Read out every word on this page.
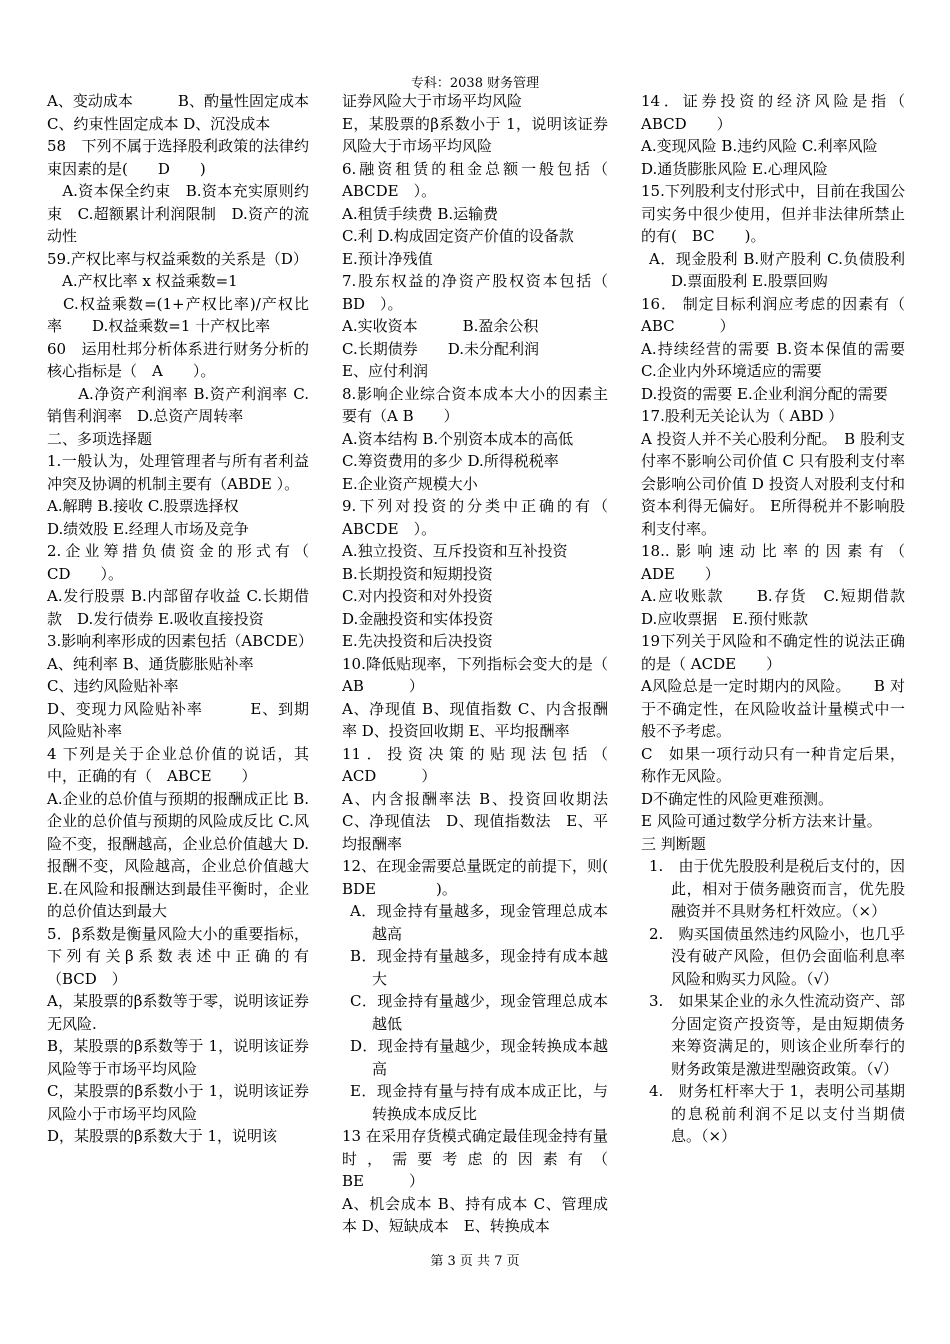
专科：2038 财务管理

A、变动成本　　　B、酌量性固定成本 C、约束性固定成本 D、沉没成本

58　下列不属于选择股利政策的法律约束因素的是(　　D　　)

　A.资本保全约束　B.资本充实原则约束　C.超额累计利润限制　D.资产的流动性

59.产权比率与权益乘数的关系是（D）

　A.产权比率 x 权益乘数=1

　C.权益乘数=(1+产权比率)/产权比率　　D.权益乘数=1 十产权比率

60　运用杜邦分析体系进行财务分析的核心指标是（　A　　）。

　　A.净资产利润率 B.资产利润率 C.销售利润率　D.总资产周转率

二、多项选择题

1.一般认为，处理管理者与所有者利益冲突及协调的机制主要有（ABDE ）。

A.解聘 B.接收 C.股票选择权

D.绩效股 E.经理人市场及竞争

2.企业筹措负债资金的形式有（　CD　　）。

A.发行股票 B.内部留存收益 C.长期借款　D.发行债券 E.吸收直接投资

3.影响利率形成的因素包括（ABCDE）

A、纯利率 B、通货膨胀贴补率

C、违约风险贴补率

D、变现力风险贴补率　　　E、到期风险贴补率

4 下列是关于企业总价值的说话，其中，正确的有（　ABCE　　）

A.企业的总价值与预期的报酬成正比 B.企业的总价值与预期的风险成反比 C.风险不变，报酬越高，企业总价值越大 D.报酬不变，风险越高，企业总价值越大 E.在风险和报酬达到最佳平衡时，企业的总价值达到最大

5．β系数是衡量风险大小的重要指标，下列有关β系数表述中正确的有（BCD　）

A，某股票的β系数等于零，说明该证券无风险.

B，某股票的β系数等于 1，说明该证券风险等于市场平均风险

C，某股票的β系数小于 1，说明该证券风险小于市场平均风险

D，某股票的β系数大于 1，说明该

证券风险大于市场平均风险

E，某股票的β系数小于 1，说明该证券风险大于市场平均风险

6.融资租赁的租金总额一般包括（　ABCDE　）。

A.租赁手续费 B.运输费

C.利 D.构成固定资产价值的设备款

E.预计净残值

7.股东权益的净资产股权资本包括（　BD　）。

A.实收资本　　　B.盈余公积

C.长期债券　　D.未分配利润

E、应付利润

8.影响企业综合资本成本大小的因素主要有（A B　　）

A.资本结构 B.个别资本成本的高低

C.筹资费用的多少 D.所得税税率

E.企业资产规模大小

9.下列对投资的分类中正确的有（　ABCDE　）。

A.独立投资、互斥投资和互补投资

B.长期投资和短期投资

C.对内投资和对外投资

D.金融投资和实体投资

E.先决投资和后决投资

10.降低贴现率，下列指标会变大的是（　AB　　　）

A、净现值 B、现值指数 C、内含报酬率 D、投资回收期 E、平均报酬率

11．投资决策的贴现法包括（　　ACD　　　）

A、内含报酬率法 B、投资回收期法 C、净现值法　D、现值指数法　E、平均报酬率

12、在现金需要总量既定的前提下，则(　　BDE　　　　)。

A．现金持有量越多，现金管理总成本越高

B．现金持有量越多，现金持有成本越大

C．现金持有量越少，现金管理总成本越低

D．现金持有量越少，现金转换成本越高

E．现金持有量与持有成本成正比，与转换成本成反比

13 在采用存货模式确定最佳现金持有量时，需要考虑的因素有（　　BE　　　）

A、机会成本 B、持有成本 C、管理成本 D、短缺成本　E、转换成本

14．证券投资的经济风险是指（　ABCD　　）

A.变现风险 B.违约风险 C.利率风险

D.通货膨胀风险 E.心理风险

15.下列股利支付形式中，目前在我国公司实务中很少使用，但并非法律所禁止的有(　BC　　)。

A．现金股利 B.财产股利 C.负债股利 D.票面股利 E.股票回购

16． 制定目标利润应考虑的因素有（　ABC　　　）

A.持续经营的需要 B.资本保值的需要 C.企业内外环境适应的需要

D.投资的需要 E.企业利润分配的需要

17.股利无关论认为（ ABD ）

A 投资人并不关心股利分配。　B 股利支付率不影响公司价值 C 只有股利支付率会影响公司价值 D 投资人对股利支付和资本利得无偏好。 E所得税并不影响股利支付率。

18..影响速动比率的因素有（　ADE　　）

A.应收账款　　B.存货　C.短期借款　D.应收票据　E.预付账款

19下列关于风险和不确定性的说法正确的是（ ACDE　　）

A风险总是一定时期内的风险。　　B 对于不确定性，在风险收益计量模式中一般不予考虑。

C　如果一项行动只有一种肯定后果，称作无风险。

D不确定性的风险更难预测。

E 风险可通过数学分析方法来计量。

三 判断题

1.　由于优先股股利是税后支付的，因此，相对于债务融资而言，优先股融资并不具财务杠杆效应。（×）

2.　购买国债虽然违约风险小，也几乎没有破产风险，但仍会面临利息率风险和购买力风险。（√）

3.　如果某企业的永久性流动资产、部分固定资产投资等，是由短期债务来筹资满足的，则该企业所奉行的财务政策是激进型融资政策。（√）

4.　财务杠杆率大于 1，表明公司基期的息税前利润不足以支付当期债息。（×）

第 3 页 共 7 页
